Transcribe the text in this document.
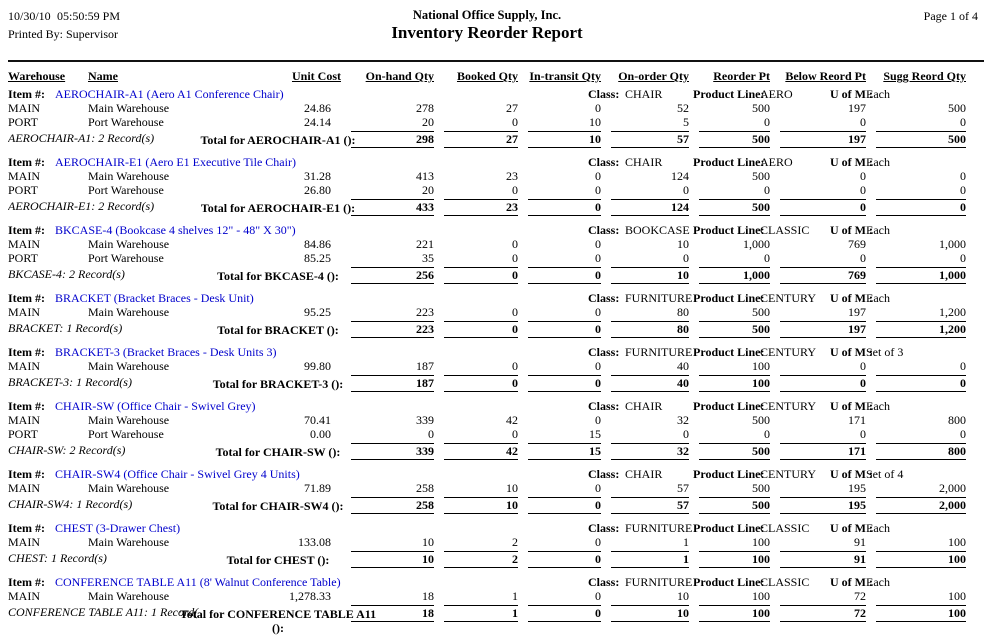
10/30/10 05:50:59 PM
Printed By: Supervisor
National Office Supply, Inc.
Inventory Reorder Report
Page 1 of 4
Warehouse	Name	Unit Cost	On-hand Qty	Booked Qty In-transit Qty	On-order Qty	Reorder Pt	Below Reord Pt	Sugg Reord Qty
Item #: AEROCHAIR-A1 (Aero A1 Conference Chair)	Class: CHAIR	Product Line:
AERO	U of M :
Each
MAIN	Main Warehouse	24.86	278	27	0	52	500	197	500
PORT	Port Warehouse	24.14	20	0	10	5	0	0	0
AEROCHAIR-A1: 2 Record(s)	Total for AEROCHAIR-A1 ():	298	27	10	57	500	197	500
Item #: AEROCHAIR-E1 (Aero E1 Executive Tile Chair)	Class: CHAIR	Product Line:
AERO	U of M :
Each
MAIN	Main Warehouse	31.28	413	23	0	124	500	0	0
PORT	Port Warehouse	26.80	20	0	0	0	0	0	0
AEROCHAIR-E1: 2 Record(s)	Total for AEROCHAIR-E1 ():	433	23	0	124	500	0	0
Item #: BKCASE-4 (Bookcase 4 shelves 12" - 48" X 30")	Class: BOOKCASE Product Line:
CLASSIC U of M :
Each
MAIN	Main Warehouse	84.86	221	0	0	10	1,000	769	1,000
PORT	Port Warehouse	85.25	35	0	0	0	0	0	0
BKCASE-4: 2 Record(s)	Total for BKCASE-4 ():	256	0	0	10	1,000	769	1,000
Item #: BRACKET (Bracket Braces - Desk Unit)	Class: FURNITURE Product Line:
CENTURY U of M :
Each
MAIN	Main Warehouse	95.25	223	0	0	80	500	197	1,200
BRACKET: 1 Record(s)	Total for BRACKET ():	223	0	0	80	500	197	1,200
Item #: BRACKET-3 (Bracket Braces - Desk Units 3)	Class: FURNITURE Product Line:
CENTURY U of M :
Set of 3
MAIN	Main Warehouse	99.80	187	0	0	40	100	0	0
BRACKET-3: 1 Record(s)	Total for BRACKET-3 ():	187	0	0	40	100	0	0
Item #: CHAIR-SW (Office Chair - Swivel Grey)	Class: CHAIR	Product Line:
CENTURY U of M :
Each
MAIN	Main Warehouse	70.41	339	42	0	32	500	171	800
PORT	Port Warehouse	0.00	0	0	15	0	0	0	0
CHAIR-SW: 2 Record(s)	Total for CHAIR-SW ():	339	42	15	32	500	171	800
Item #: CHAIR-SW4 (Office Chair - Swivel Grey 4 Units)	Class: CHAIR	Product Line:
CENTURY U of M :
Set of 4
MAIN	Main Warehouse	71.89	258	10	0	57	500	195	2,000
CHAIR-SW4: 1 Record(s)	Total for CHAIR-SW4 ():	258	10	0	57	500	195	2,000
Item #: CHEST (3-Drawer Chest)	Class: FURNITURE Product Line:
CLASSIC U of M :
Each
MAIN	Main Warehouse	133.08	10	2	0	1	100	91	100
CHEST: 1 Record(s)	Total for CHEST ():	10	2	0	1	100	91	100
Item #: CONFERENCE TABLE A11 (8' Walnut Conference Table)	Class: FURNITURE Product Line:
CLASSIC U of M :
Each
MAIN	Main Warehouse	1,278.33	18	1	0	10	100	72	100
CONFERENCE TABLE A11: 1 Record(
Total for CONFERENCE TABLE A11 ():
18	1	0	10	100	72	100
